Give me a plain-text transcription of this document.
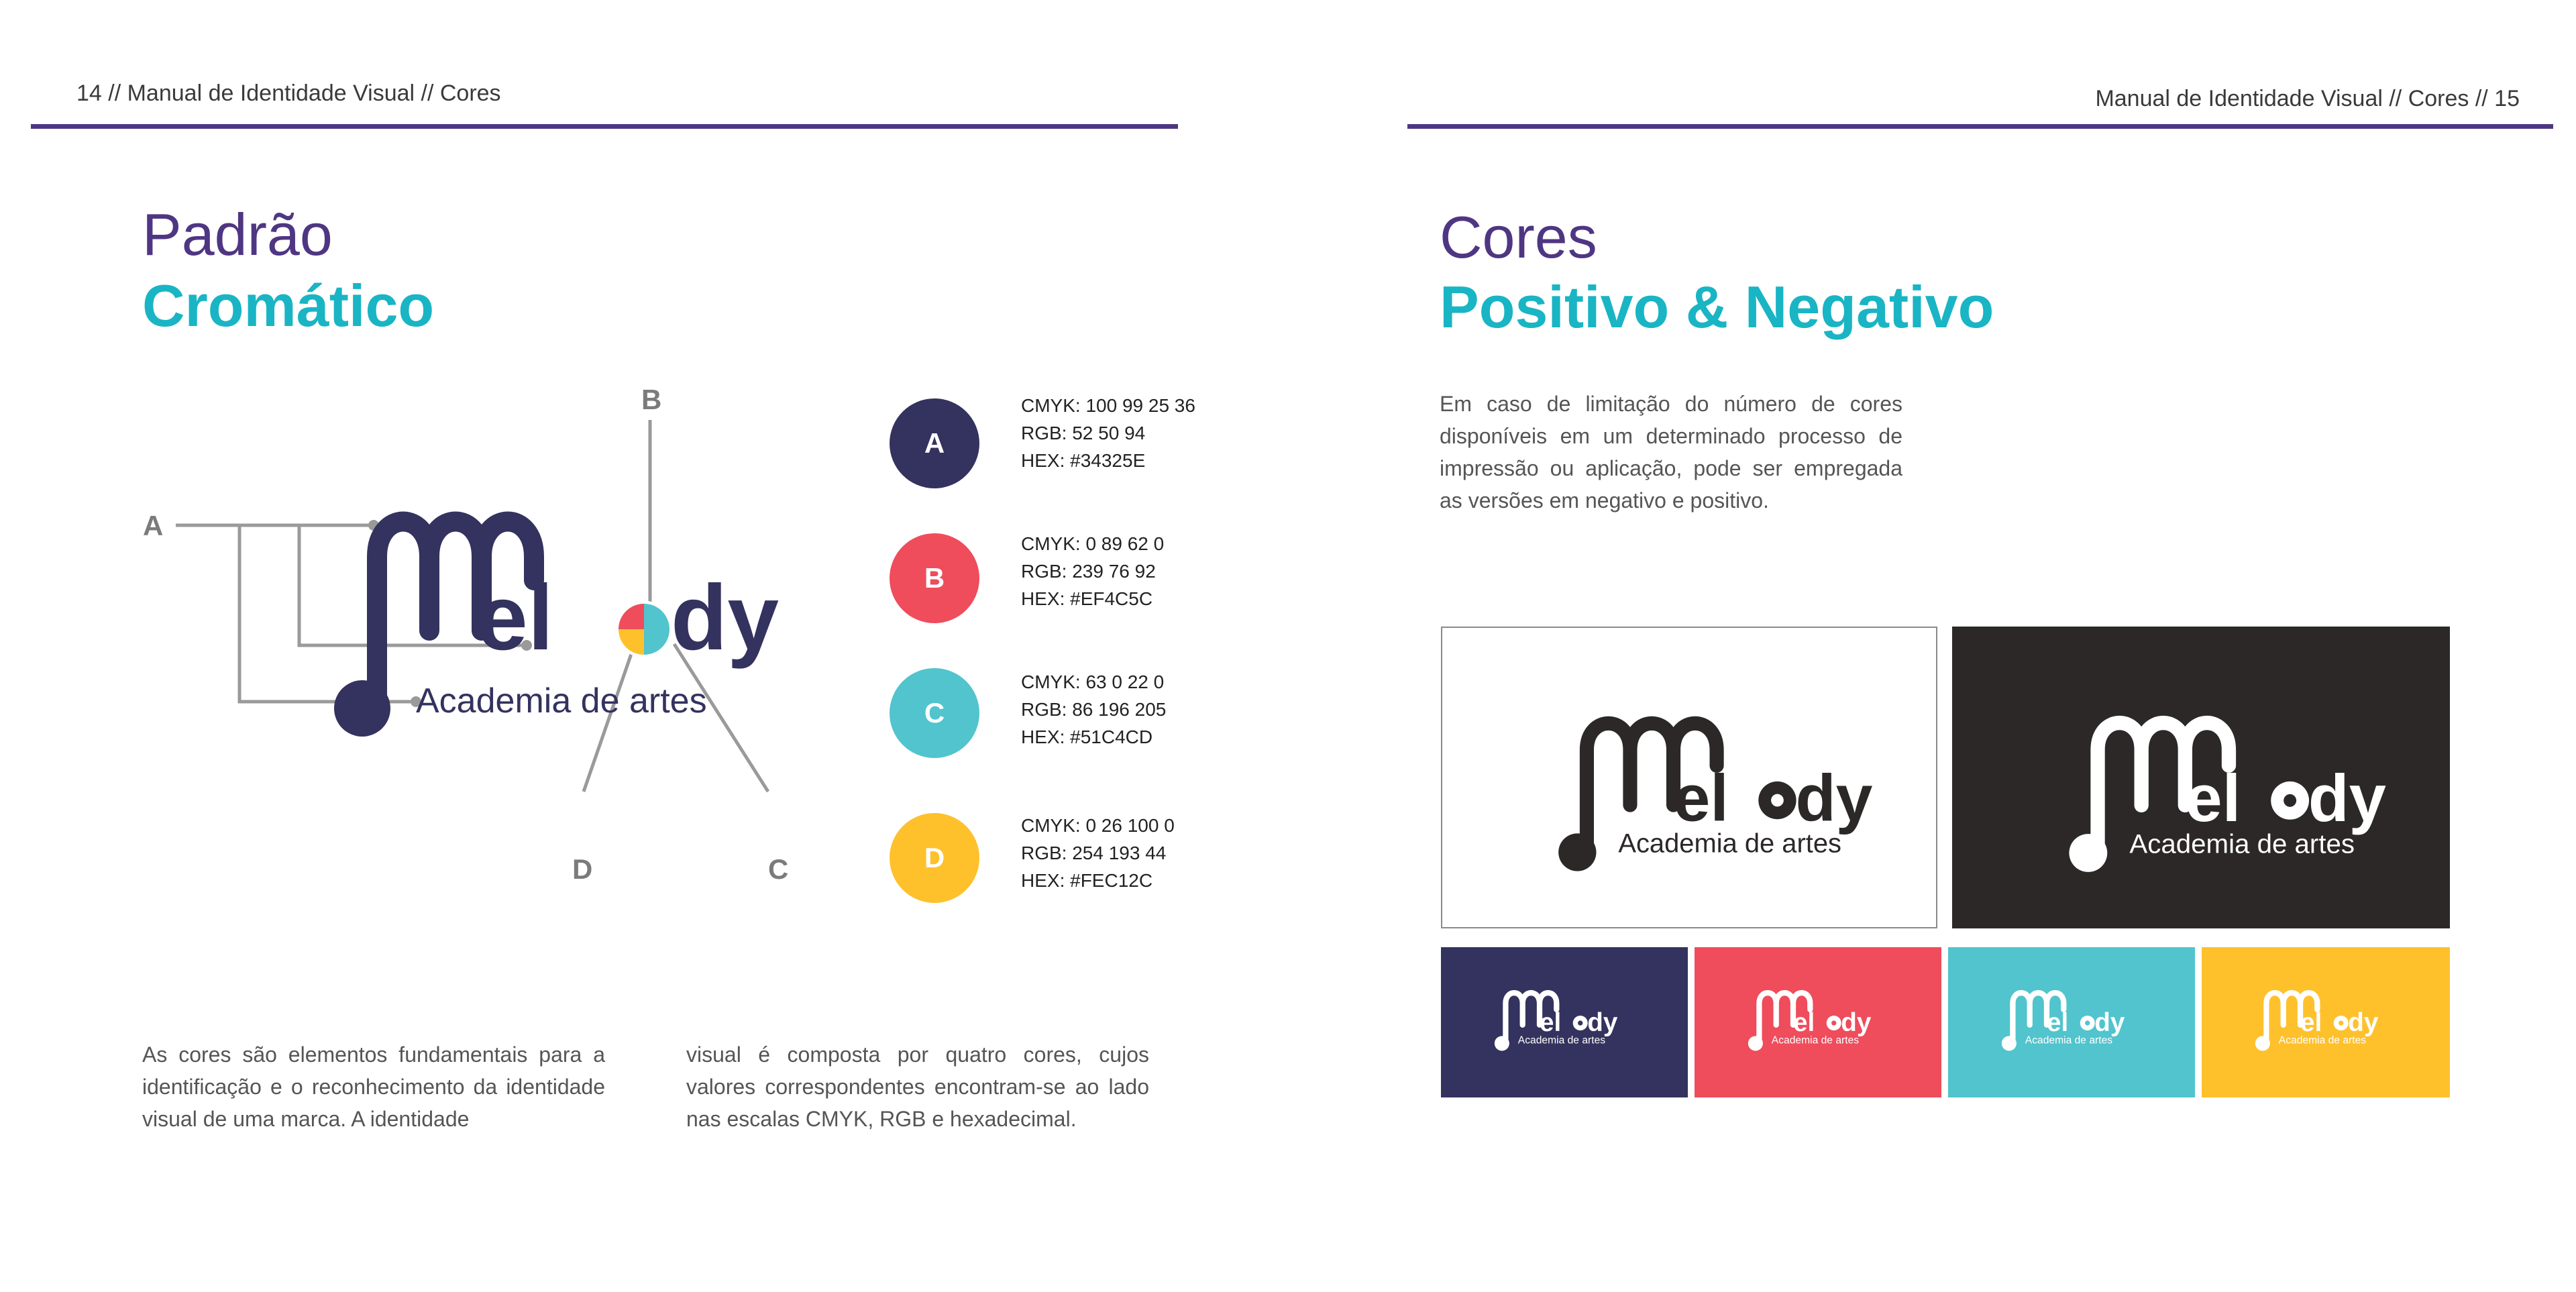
14 // Manual de Identidade Visual // Cores
Padrão
Cromático
el dy
Academia de artes
A
B
D	C
A
CMYK: 100 99 25 36
RGB: 52 50 94
HEX: #34325E
B
CMYK: 0 89 62 0
RGB: 239 76 92
HEX: #EF4C5C
C
CMYK: 63 0 22 0
RGB: 86 196 205
HEX: #51C4CD
D
CMYK: 0 26 100 0
RGB: 254 193 44
HEX: #FEC12C
As cores são elementos fundamentais para a identificação e o reconhecimento da identidade visual de uma marca. A identidade
visual é composta por quatro cores, cujos valores correspondentes encontram-se ao lado nas escalas CMYK, RGB e hexadecimal.
Manual de Identidade Visual // Cores // 15
Cores
Positivo & Negativo
Em caso de limitação do número de cores disponíveis em um determinado processo de impressão ou aplicação, pode ser empregada as versões em negativo e positivo.
el dy
Academia de artes
el dy
Academia de artes
el dy
Academia de artes
el dy
Academia de artes
el dy
Academia de artes
el dy
Academia de artes
